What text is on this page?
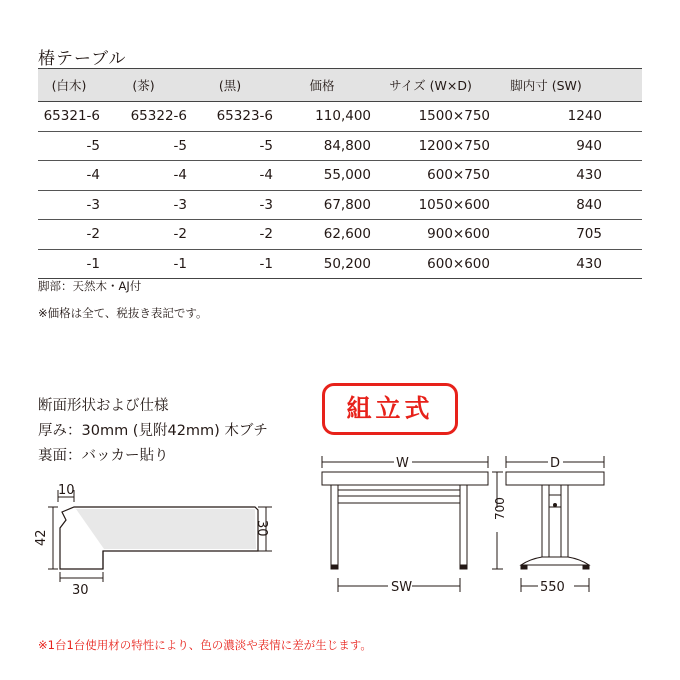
椿テーブル
(白木)	(茶)	(黒)	価格	サイズ (W×D)	脚内寸 (SW)
65321-6	65322-6	65323-6	110,400	1500×750	1240
-5	-5	-5	84,800	1200×750	940
-4	-4	-4	55,000	600×750	430
-3	-3	-3	67,800	1050×600	840
-2	-2	-2	62,600	900×600	705
-1	-1	-1	50,200	600×600	430
脚部：天然木・AJ付
※価格は全て、税抜き表記です。
断面形状および仕様
厚み：30mm (見附42mm) 木ブチ
裏面：バッカー貼り
組立式
10
42
30
30
W
SW
700
D
550
※1台1台使用材の特性により、色の濃淡や表情に差が生じます。
